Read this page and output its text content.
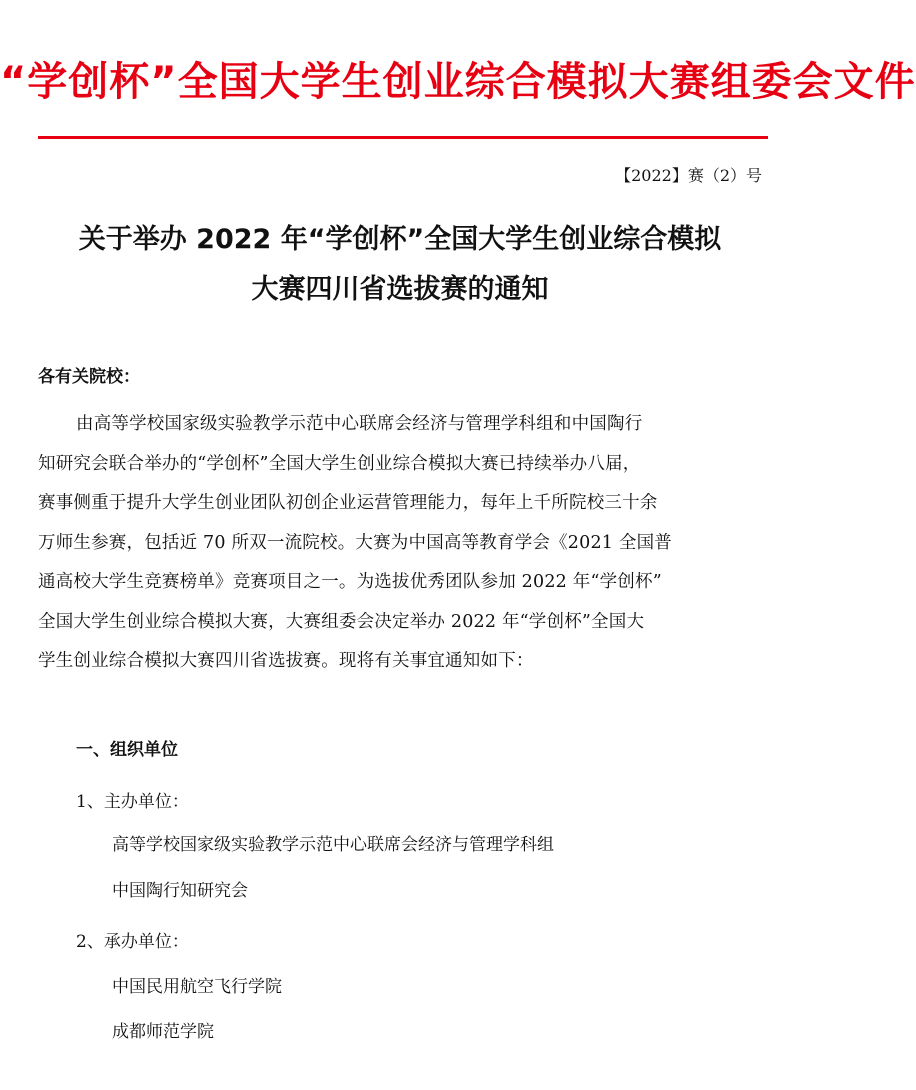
“学创杯”全国大学生创业综合模拟大赛组委会文件
【2022】赛（2）号
关于举办 2022 年“学创杯”全国大学生创业综合模拟
大赛四川省选拔赛的通知
各有关院校：
由高等学校国家级实验教学示范中心联席会经济与管理学科组和中国陶行
知研究会联合举办的“学创杯”全国大学生创业综合模拟大赛已持续举办八届，
赛事侧重于提升大学生创业团队初创企业运营管理能力，每年上千所院校三十余
万师生参赛，包括近 70 所双一流院校。大赛为中国高等教育学会《2021 全国普
通高校大学生竞赛榜单》竞赛项目之一。为选拔优秀团队参加 2022 年“学创杯”
全国大学生创业综合模拟大赛，大赛组委会决定举办 2022 年“学创杯”全国大
学生创业综合模拟大赛四川省选拔赛。现将有关事宜通知如下：
一、组织单位
1、主办单位：
高等学校国家级实验教学示范中心联席会经济与管理学科组
中国陶行知研究会
2、承办单位：
中国民用航空飞行学院
成都师范学院
